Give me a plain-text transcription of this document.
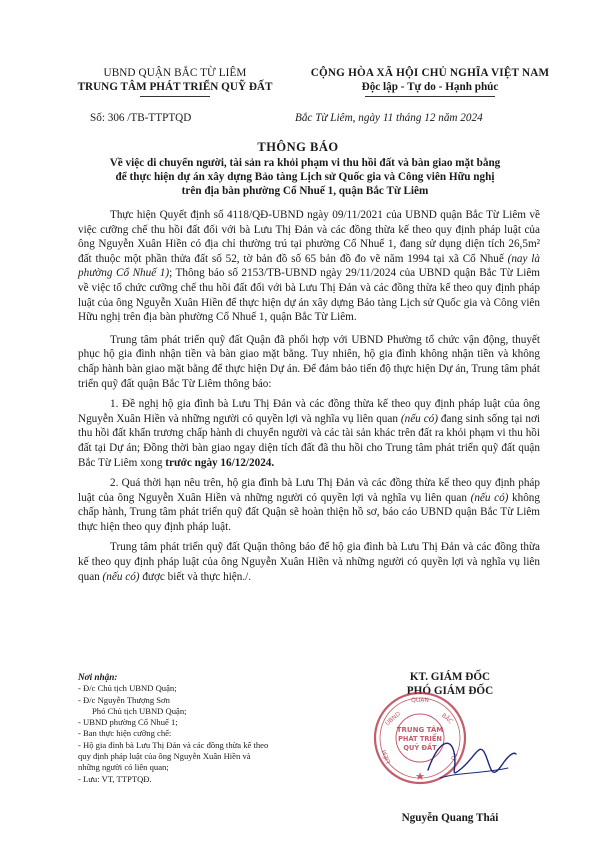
UBND QUẬN BẮC TỪ LIÊM
TRUNG TÂM PHÁT TRIỂN QUỸ ĐẤT
CỘNG HÒA XÃ HỘI CHỦ NGHĨA VIỆT NAM
Độc lập - Tự do - Hạnh phúc
Số: 306 /TB-TTPTQD	Bắc Từ Liêm, ngày 11 tháng 12 năm 2024
THÔNG BÁO
Về việc di chuyển người, tài sản ra khỏi phạm vi thu hồi đất và bàn giao mặt bằng
để thực hiện dự án xây dựng Bảo tàng Lịch sử Quốc gia và Công viên Hữu nghị
trên địa bàn phường Cổ Nhuế 1, quận Bắc Từ Liêm

Thực hiện Quyết định số 4118/QĐ-UBND ngày 09/11/2021 của UBND quận Bắc Từ Liêm về việc cưỡng chế thu hồi đất đối với bà Lưu Thị Đản và các đồng thừa kế theo quy định pháp luật của ông Nguyễn Xuân Hiền có địa chỉ thường trú tại phường Cổ Nhuế 1, đang sử dụng diện tích 26,5m² đất thuộc một phần thửa đất số 52, tờ bản đồ số 65 bản đồ đo vẽ năm 1994 tại xã Cổ Nhuế (nay là phường Cổ Nhuế 1); Thông báo số 2153/TB-UBND ngày 29/11/2024 của UBND quận Bắc Từ Liêm về việc tổ chức cưỡng chế thu hồi đất đối với bà Lưu Thị Đản và các đồng thừa kế theo quy định pháp luật của ông Nguyễn Xuân Hiền để thực hiện dự án xây dựng Bảo tàng Lịch sử Quốc gia và Công viên Hữu nghị trên địa bàn phường Cổ Nhuế 1, quận Bắc Từ Liêm.

Trung tâm phát triển quỹ đất Quận đã phối hợp với UBND Phường tổ chức vận động, thuyết phục hộ gia đình nhận tiền và bàn giao mặt bằng. Tuy nhiên, hộ gia đình không nhận tiền và không chấp hành bàn giao mặt bằng để thực hiện Dự án. Để đảm bảo tiến độ thực hiện Dự án, Trung tâm phát triển quỹ đất quận Bắc Từ Liêm thông báo:

1. Đề nghị hộ gia đình bà Lưu Thị Đản và các đồng thừa kế theo quy định pháp luật của ông Nguyễn Xuân Hiền và những người có quyền lợi và nghĩa vụ liên quan (nếu có) đang sinh sống tại nơi thu hồi đất khẩn trương chấp hành di chuyển người và các tài sản khác trên đất ra khỏi phạm vi thu hồi đất tại Dự án; Đồng thời bàn giao ngay diện tích đất đã thu hồi cho Trung tâm phát triển quỹ đất quận Bắc Từ Liêm xong trước ngày 16/12/2024.

2. Quá thời hạn nêu trên, hộ gia đình bà Lưu Thị Đản và các đồng thừa kế theo quy định pháp luật của ông Nguyễn Xuân Hiền và những người có quyền lợi và nghĩa vụ liên quan (nếu có) không chấp hành, Trung tâm phát triển quỹ đất Quận sẽ hoàn thiện hồ sơ, báo cáo UBND quận Bắc Từ Liêm thực hiện theo quy định pháp luật.

Trung tâm phát triển quỹ đất Quận thông báo để hộ gia đình bà Lưu Thị Đản và các đồng thừa kế theo quy định pháp luật của ông Nguyễn Xuân Hiền và những người có quyền lợi và nghĩa vụ liên quan (nếu có) được biết và thực hiện./.

Nơi nhận:
- Đ/c Chủ tịch UBND Quận;
- Đ/c Nguyễn Thượng Sơn
Phó Chủ tịch UBND Quận;
- UBND phường Cổ Nhuế 1;
- Ban thực hiện cưỡng chế:
- Hộ gia đình bà Lưu Thị Đản và các đồng thừa kế theo
quy định pháp luật của ông Nguyễn Xuân Hiền và
những người có liên quan;
- Lưu: VT, TTPTQĐ.
KT. GIÁM ĐỐC
PHÓ GIÁM ĐỐC
TRUNG TÂM
PHÁT TRIỂN
QUỸ ĐẤT
UBND
QUẬN
BẮC
TỪ
LIÊM
★
Nguyễn Quang Thái
